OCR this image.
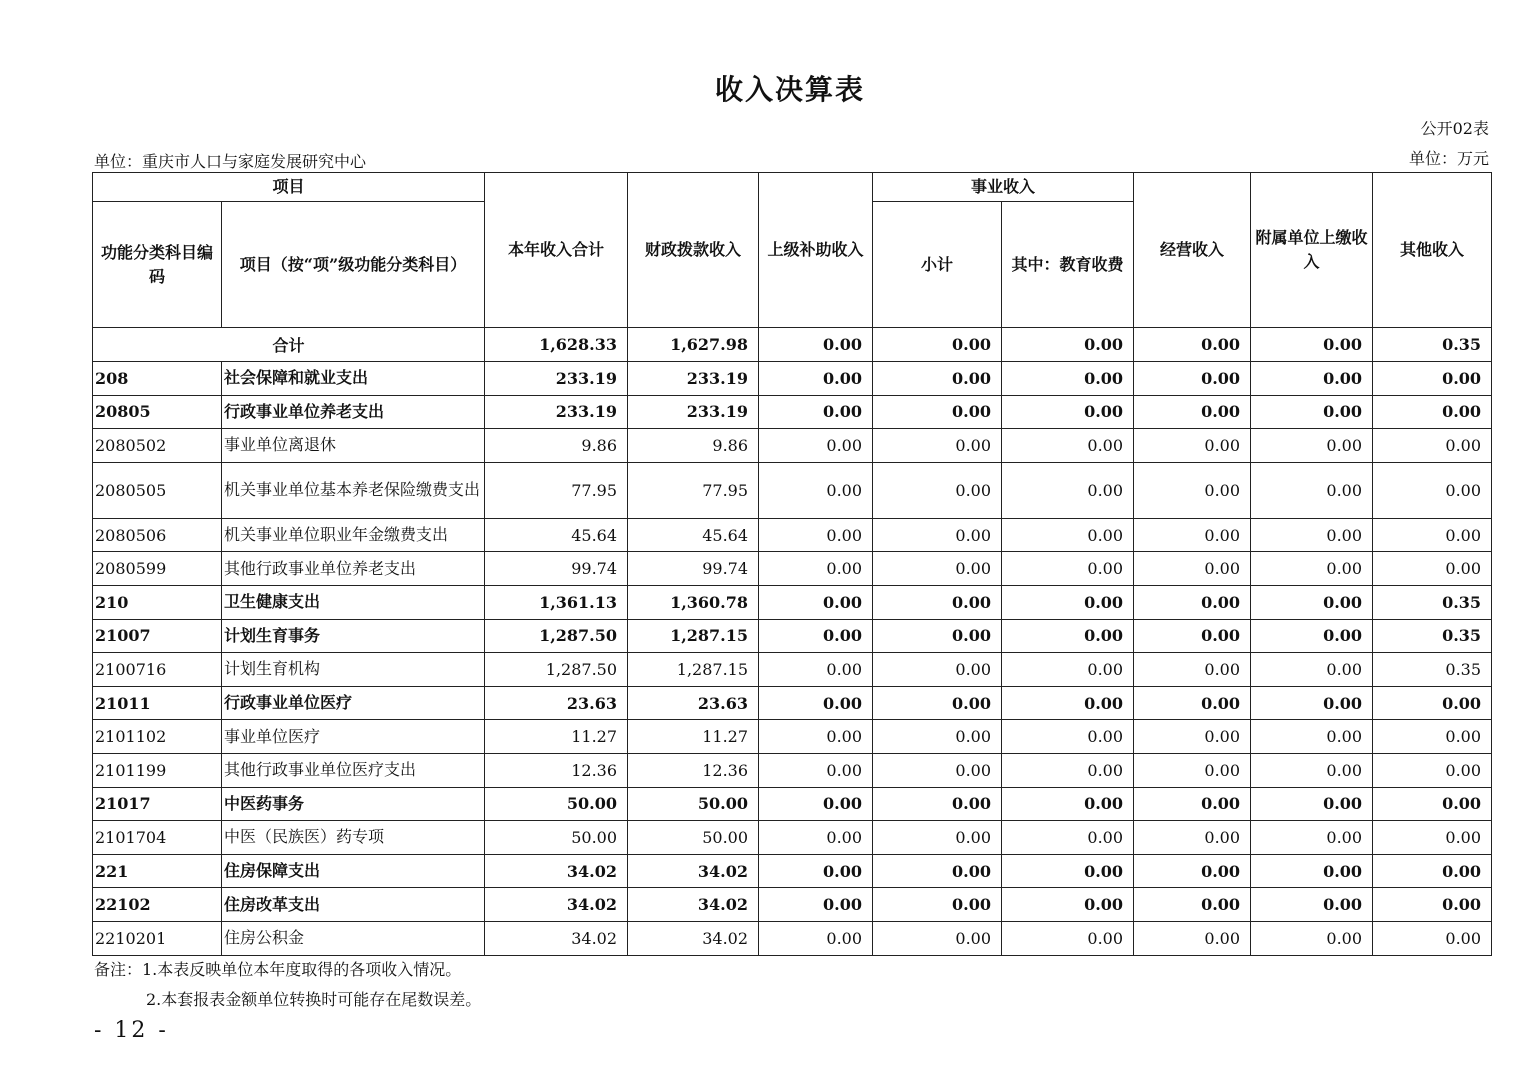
收入决算表
公开02表
单位：重庆市人口与家庭发展研究中心	单位：万元
项目		本年收入合计	财政拨款收入	上级补助收入	事业收入		经营收入	附属单位上缴收入	其他收入
功能分类科目编码	项目（按“项”级功能分类科目）				小计	其中：教育收费			
合计		1,628.33	1,627.98	0.00	0.00	0.00	0.00	0.00	0.35
208	社会保障和就业支出	233.19	233.19	0.00	0.00	0.00	0.00	0.00	0.00
20805	行政事业单位养老支出	233.19	233.19	0.00	0.00	0.00	0.00	0.00	0.00
2080502	事业单位离退休	9.86	9.86	0.00	0.00	0.00	0.00	0.00	0.00
2080505	机关事业单位基本养老保险缴费支出	77.95	77.95	0.00	0.00	0.00	0.00	0.00	0.00
2080506	机关事业单位职业年金缴费支出	45.64	45.64	0.00	0.00	0.00	0.00	0.00	0.00
2080599	其他行政事业单位养老支出	99.74	99.74	0.00	0.00	0.00	0.00	0.00	0.00
210	卫生健康支出	1,361.13	1,360.78	0.00	0.00	0.00	0.00	0.00	0.35
21007	计划生育事务	1,287.50	1,287.15	0.00	0.00	0.00	0.00	0.00	0.35
2100716	计划生育机构	1,287.50	1,287.15	0.00	0.00	0.00	0.00	0.00	0.35
21011	行政事业单位医疗	23.63	23.63	0.00	0.00	0.00	0.00	0.00	0.00
2101102	事业单位医疗	11.27	11.27	0.00	0.00	0.00	0.00	0.00	0.00
2101199	其他行政事业单位医疗支出	12.36	12.36	0.00	0.00	0.00	0.00	0.00	0.00
21017	中医药事务	50.00	50.00	0.00	0.00	0.00	0.00	0.00	0.00
2101704	中医（民族医）药专项	50.00	50.00	0.00	0.00	0.00	0.00	0.00	0.00
221	住房保障支出	34.02	34.02	0.00	0.00	0.00	0.00	0.00	0.00
22102	住房改革支出	34.02	34.02	0.00	0.00	0.00	0.00	0.00	0.00
2210201	住房公积金	34.02	34.02	0.00	0.00	0.00	0.00	0.00	0.00
备注：1.本表反映单位本年度取得的各项收入情况。
2.本套报表金额单位转换时可能存在尾数误差。
- 12 -
